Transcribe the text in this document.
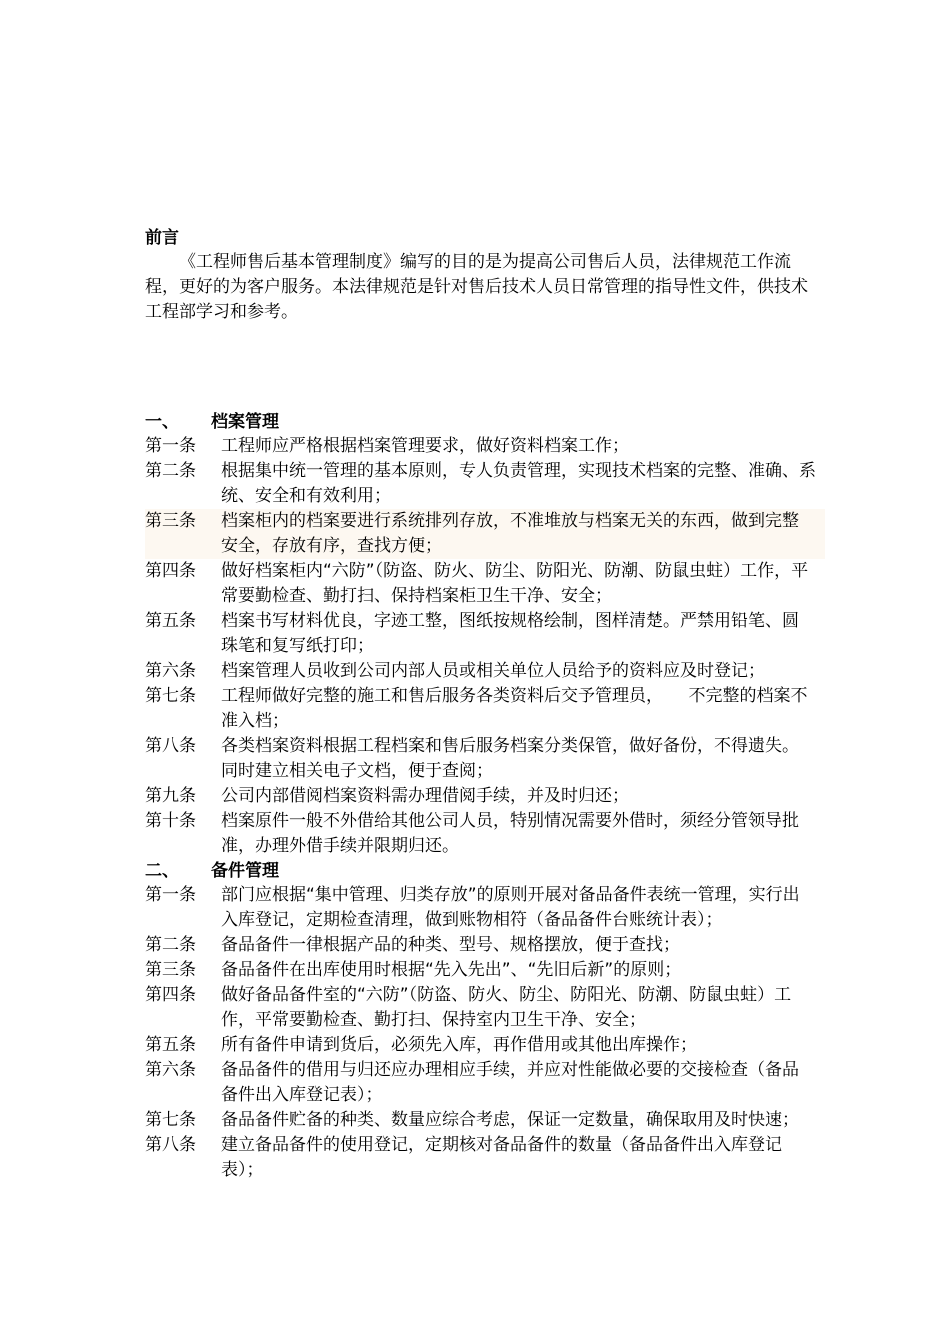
前言
《工程师售后基本管理制度》编写的目的是为提高公司售后人员，法律规范工作流程，更好的为客户服务。本法律规范是针对售后技术人员日常管理的指导性文件，供技术工程部学习和参考。
一、	档案管理
第一条	工程师应严格根据档案管理要求，做好资料档案工作；
第二条	根据集中统一管理的基本原则，专人负责管理，实现技术档案的完整、准确、系统、安全和有效利用；
第三条	档案柜内的档案要进行系统排列存放，不准堆放与档案无关的东西，做到完整安全，存放有序，查找方便；
第四条	做好档案柜内“六防”（防盗、防火、防尘、防阳光、防潮、防鼠虫蛀）工作，平常要勤检查、勤打扫、保持档案柜卫生干净、安全；
第五条	档案书写材料优良，字迹工整，图纸按规格绘制，图样清楚。严禁用铅笔、圆珠笔和复写纸打印；
第六条	档案管理人员收到公司内部人员或相关单位人员给予的资料应及时登记；
第七条	工程师做好完整的施工和售后服务各类资料后交予管理员，　　不完整的档案不准入档；
第八条	各类档案资料根据工程档案和售后服务档案分类保管，做好备份，不得遗失。同时建立相关电子文档，便于查阅；
第九条	公司内部借阅档案资料需办理借阅手续，并及时归还；
第十条	档案原件一般不外借给其他公司人员，特别情况需要外借时，须经分管领导批准，办理外借手续并限期归还。
二、	备件管理
第一条	部门应根据“集中管理、归类存放”的原则开展对备品备件表统一管理，实行出入库登记，定期检查清理，做到账物相符（备品备件台账统计表）；
第二条	备品备件一律根据产品的种类、型号、规格摆放，便于查找；
第三条	备品备件在出库使用时根据“先入先出”、“先旧后新”的原则；
第四条	做好备品备件室的“六防”（防盗、防火、防尘、防阳光、防潮、防鼠虫蛀）工作，平常要勤检查、勤打扫、保持室内卫生干净、安全；
第五条	所有备件申请到货后，必须先入库，再作借用或其他出库操作；
第六条	备品备件的借用与归还应办理相应手续，并应对性能做必要的交接检查（备品备件出入库登记表）；
第七条	备品备件贮备的种类、数量应综合考虑，保证一定数量，确保取用及时快速；
第八条	建立备品备件的使用登记，定期核对备品备件的数量（备品备件出入库登记表）；
